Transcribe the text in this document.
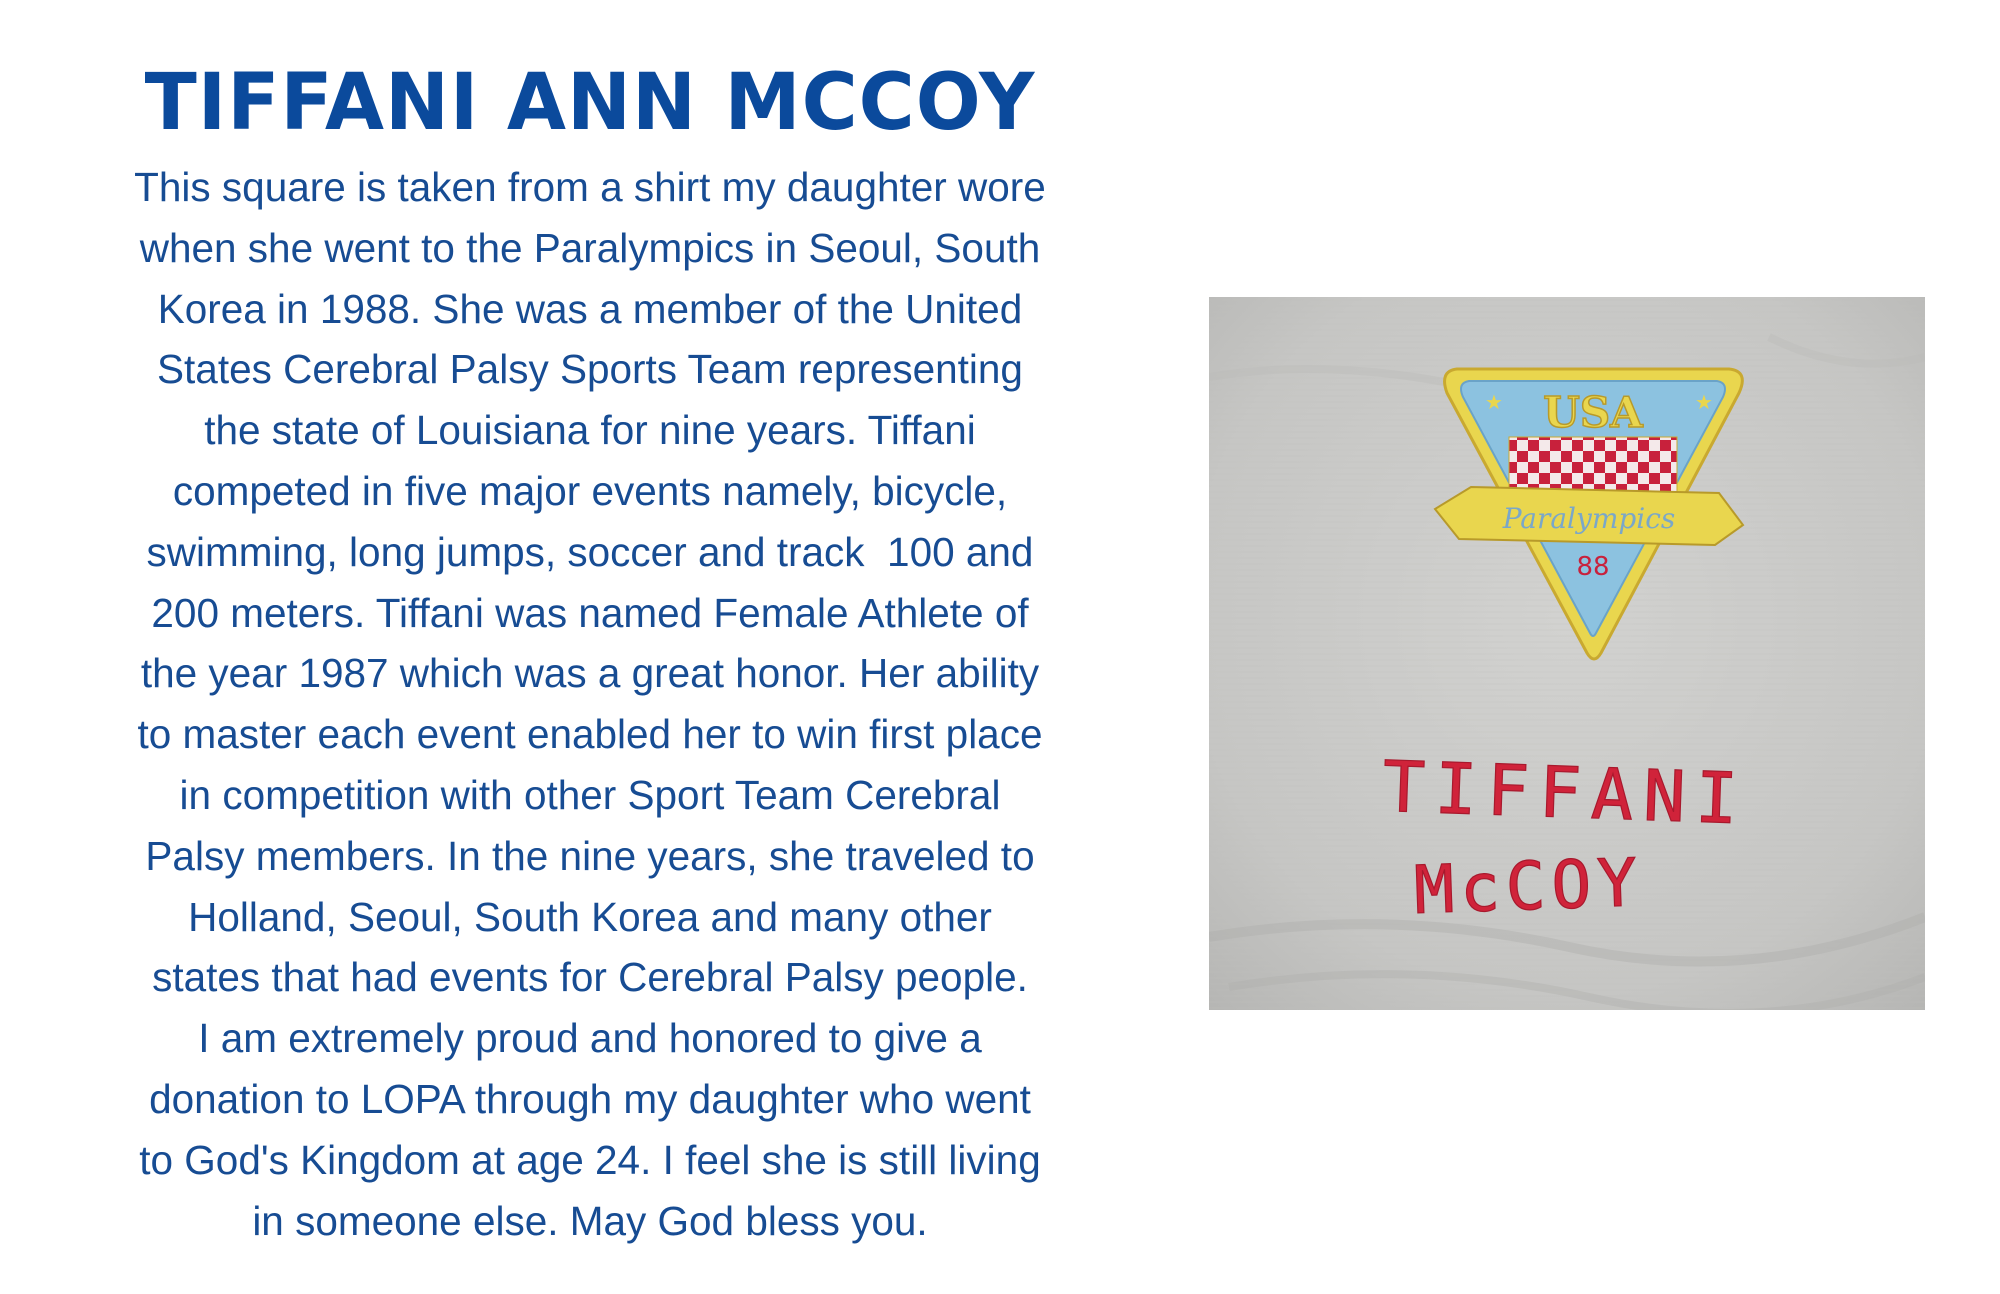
TIFFANI ANN MCCOY

This square is taken from a shirt my daughter wore
when she went to the Paralympics in Seoul, South
Korea in 1988. She was a member of the United
States Cerebral Palsy Sports Team representing
the state of Louisiana for nine years. Tiffani
competed in five major events namely, bicycle,
swimming, long jumps, soccer and track  100 and
200 meters. Tiffani was named Female Athlete of
the year 1987 which was a great honor. Her ability
to master each event enabled her to win first place
in competition with other Sport Team Cerebral
Palsy members. In the nine years, she traveled to
Holland, Seoul, South Korea and many other
states that had events for Cerebral Palsy people.
I am extremely proud and honored to give a
donation to LOPA through my daughter who went
to God's Kingdom at age 24. I feel she is still living
in someone else. May God bless you.

★	★
USA
Paralympics
88
TIFFANI
McCOY
